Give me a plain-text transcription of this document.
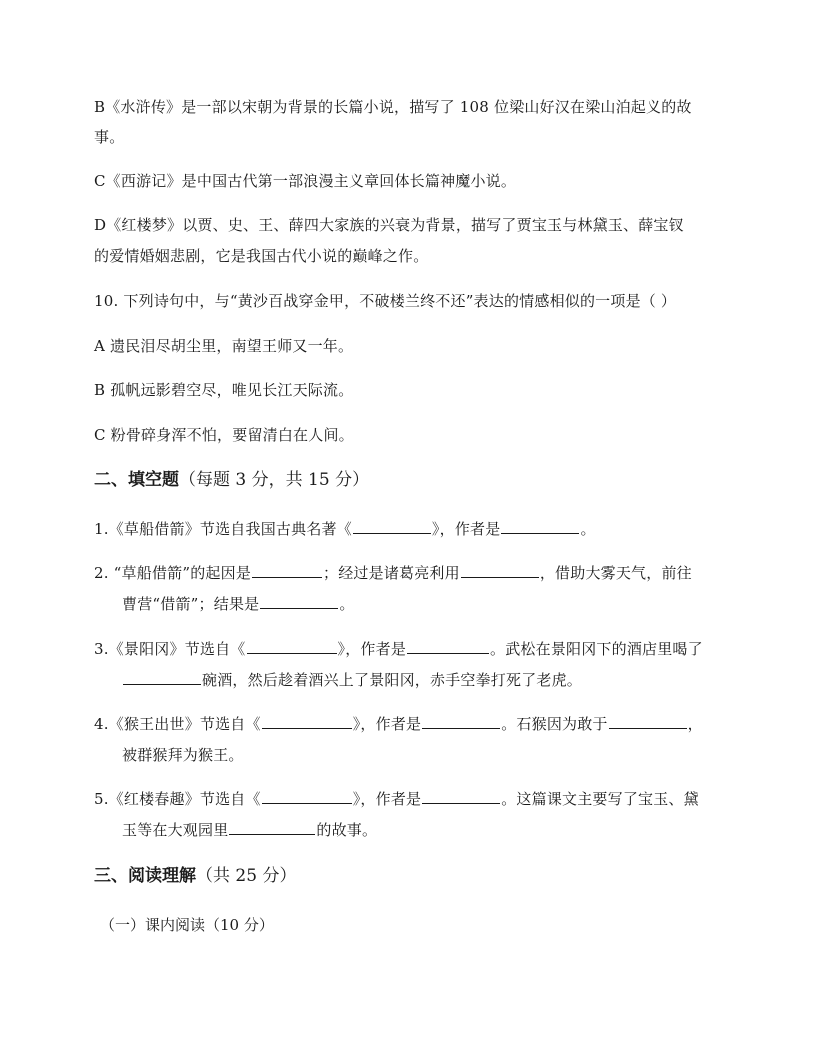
B《水浒传》是一部以宋朝为背景的长篇小说，描写了 108 位梁山好汉在梁山泊起义的故
事。
C《西游记》是中国古代第一部浪漫主义章回体长篇神魔小说。
D《红楼梦》以贾、史、王、薛四大家族的兴衰为背景，描写了贾宝玉与林黛玉、薛宝钗
的爱情婚姻悲剧，它是我国古代小说的巅峰之作。
10. 下列诗句中，与“黄沙百战穿金甲，不破楼兰终不还”表达的情感相似的一项是（ ）
A 遗民泪尽胡尘里，南望王师又一年。
B 孤帆远影碧空尽，唯见长江天际流。
C 粉骨碎身浑不怕，要留清白在人间。
二、填空题（每题 3 分，共 15 分）
1.《草船借箭》节选自我国古典名著《	》，作者是	。
2. “草船借箭”的起因是	；经过是诸葛亮利用	，借助大雾天气，前往
曹营“借箭”；结果是	。
3.《景阳冈》节选自《	》，作者是	。武松在景阳冈下的酒店里喝了
碗酒，然后趁着酒兴上了景阳冈，赤手空拳打死了老虎。
4.《猴王出世》节选自《	》，作者是	。石猴因为敢于	，
被群猴拜为猴王。
5.《红楼春趣》节选自《	》，作者是	。这篇课文主要写了宝玉、黛
玉等在大观园里	的故事。
三、阅读理解（共 25 分）
（一）课内阅读（10 分）
